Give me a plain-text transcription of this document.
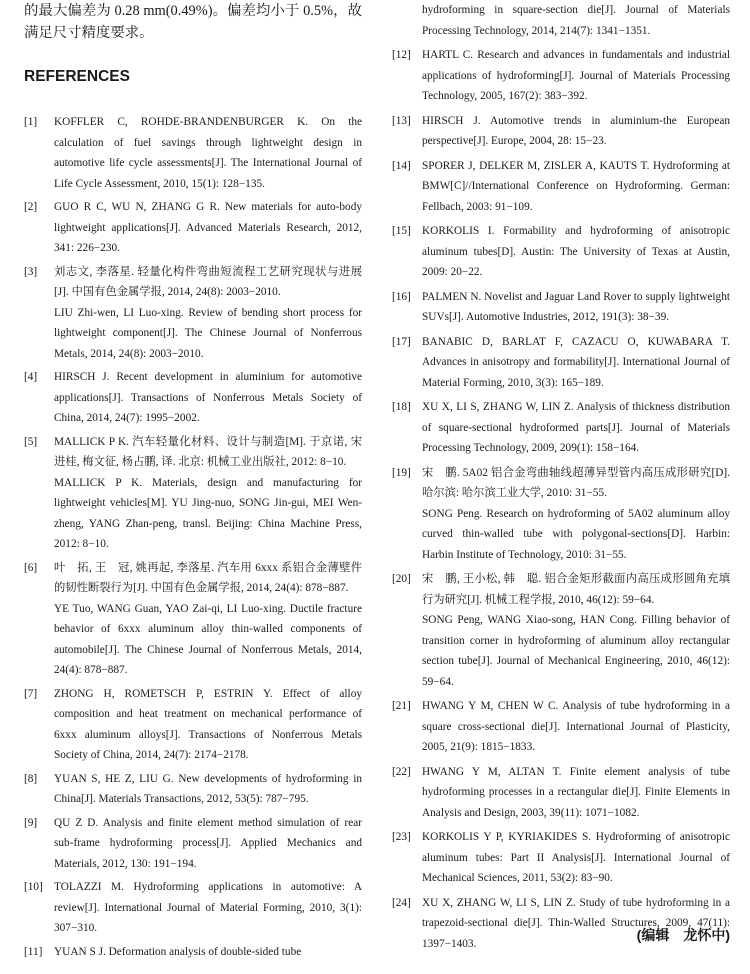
的最大偏差为 0.28 mm(0.49%)。偏差均小于 0.5%，故满足尺寸精度要求。

REFERENCES
[1] KOFFLER C, ROHDE-BRANDENBURGER K. On the calculation of fuel savings through lightweight design in automotive life cycle assessments[J]. The International Journal of Life Cycle Assessment, 2010, 15(1): 128−135.
[2] GUO R C, WU N, ZHANG G R. New materials for auto-body lightweight applications[J]. Advanced Materials Research, 2012, 341: 226−230.
[3] 刘志文, 李落星. 轻量化构件弯曲短流程工艺研究现状与进展[J]. 中国有色金属学报, 2014, 24(8): 2003−2010.
LIU Zhi-wen, LI Luo-xing. Review of bending short process for lightweight component[J]. The Chinese Journal of Nonferrous Metals, 2014, 24(8): 2003−2010.
[4] HIRSCH J. Recent development in aluminium for automotive applications[J]. Transactions of Nonferrous Metals Society of China, 2014, 24(7): 1995−2002.
[5] MALLICK P K. 汽车轻量化材料、设计与制造[M]. 于京诺, 宋进桂, 梅文征, 杨占鹏, 译. 北京: 机械工业出版社, 2012: 8−10.
MALLICK P K. Materials, design and manufacturing for lightweight vehicles[M]. YU Jing-nuo, SONG Jin-gui, MEI Wen-zheng, YANG Zhan-peng, transl. Beijing: China Machine Press, 2012: 8−10.
[6] 叶　拓, 王　冠, 姚再起, 李落星. 汽车用 6xxx 系铝合金薄壁件的韧性断裂行为[J]. 中国有色金属学报, 2014, 24(4): 878−887.
YE Tuo, WANG Guan, YAO Zai-qi, LI Luo-xing. Ductile fracture behavior of 6xxx aluminum alloy thin-walled components of automobile[J]. The Chinese Journal of Nonferrous Metals, 2014, 24(4): 878−887.
[7] ZHONG H, ROMETSCH P, ESTRIN Y. Effect of alloy composition and heat treatment on mechanical performance of 6xxx aluminum alloys[J]. Transactions of Nonferrous Metals Society of China, 2014, 24(7): 2174−2178.
[8] YUAN S, HE Z, LIU G. New developments of hydroforming in China[J]. Materials Transactions, 2012, 53(5): 787−795.
[9] QU Z D. Analysis and finite element method simulation of rear sub-frame hydroforming process[J]. Applied Mechanics and Materials, 2012, 130: 191−194.
[10] TOLAZZI M. Hydroforming applications in automotive: A review[J]. International Journal of Material Forming, 2010, 3(1): 307−310.
[11] YUAN S J. Deformation analysis of double-sided tube
hydroforming in square-section die[J]. Journal of Materials Processing Technology, 2014, 214(7): 1341−1351.
[12] HARTL C. Research and advances in fundamentals and industrial applications of hydroforming[J]. Journal of Materials Processing Technology, 2005, 167(2): 383−392.
[13] HIRSCH J. Automotive trends in aluminium-the European perspective[J]. Europe, 2004, 28: 15−23.
[14] SPORER J, DELKER M, ZISLER A, KAUTS T. Hydroforming at BMW[C]//International Conference on Hydroforming. German: Fellbach, 2003: 91−109.
[15] KORKOLIS I. Formability and hydroforming of anisotropic aluminum tubes[D]. Austin: The University of Texas at Austin, 2009: 20−22.
[16] PALMEN N. Novelist and Jaguar Land Rover to supply lightweight SUVs[J]. Automotive Industries, 2012, 191(3): 38−39.
[17] BANABIC D, BARLAT F, CAZACU O, KUWABARA T. Advances in anisotropy and formability[J]. International Journal of Material Forming, 2010, 3(3): 165−189.
[18] XU X, LI S, ZHANG W, LIN Z. Analysis of thickness distribution of square-sectional hydroformed parts[J]. Journal of Materials Processing Technology, 2009, 209(1): 158−164.
[19] 宋　鹏. 5A02 铝合金弯曲轴线超薄异型管内高压成形研究[D]. 哈尔滨: 哈尔滨工业大学, 2010: 31−55.
SONG Peng. Research on hydroforming of 5A02 aluminum alloy curved thin-walled tube with polygonal-sections[D]. Harbin: Harbin Institute of Technology, 2010: 31−55.
[20] 宋　鹏, 王小松, 韩　聪. 铝合金矩形截面内高压成形圆角充填行为研究[J]. 机械工程学报, 2010, 46(12): 59−64.
SONG Peng, WANG Xiao-song, HAN Cong. Filling behavior of transition corner in hydroforming of aluminum alloy rectangular section tube[J]. Journal of Mechanical Engineering, 2010, 46(12): 59−64.
[21] HWANG Y M, CHEN W C. Analysis of tube hydroforming in a square cross-sectional die[J]. International Journal of Plasticity, 2005, 21(9): 1815−1833.
[22] HWANG Y M, ALTAN T. Finite element analysis of tube hydroforming processes in a rectangular die[J]. Finite Elements in Analysis and Design, 2003, 39(11): 1071−1082.
[23] KORKOLIS Y P, KYRIAKIDES S. Hydroforming of anisotropic aluminum tubes: Part II Analysis[J]. International Journal of Mechanical Sciences, 2011, 53(2): 83−90.
[24] XU X, ZHANG W, LI S, LIN Z. Study of tube hydroforming in a trapezoid-sectional die[J]. Thin-Walled Structures, 2009, 47(11): 1397−1403.
(编辑　龙怀中)
